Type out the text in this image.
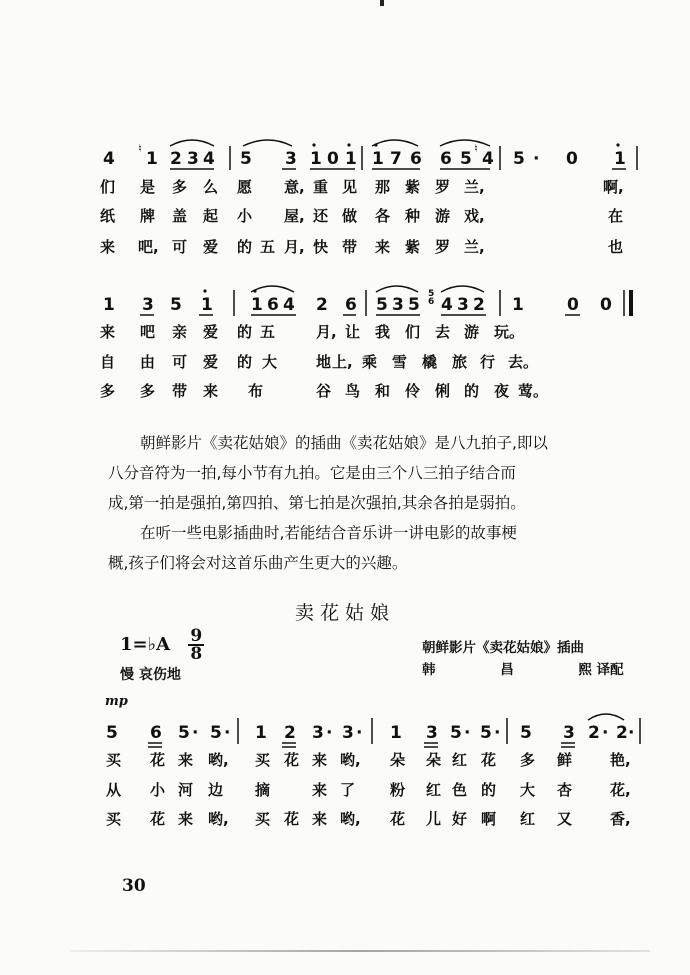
4
♮
1 2 3 4 5 3 1 0 1 1 7 6 6 5
♮
4 5 · 0 1
们 是 多 么 愿 意, 重 见 那 紫 罗 兰,	啊,
纸 牌 盖 起 小 屋, 还 做 各 种 游 戏,	在
来 吧, 可 爱 的 五 月, 快 带 来 紫 罗 兰,	也
1 3 5 1 1 6 4 2 6 5 3 5
5
6 4 3 2 1	0 0
来 吧 亲 爱 的 五	月, 让 我 们 去 游 玩。
自 由 可 爱 的 大	地 上, 乘 雪 橇 旅 行 去。
多 多 带 来 布	谷 鸟 和 伶 俐 的 夜 莺。

朝鲜影片《卖花姑娘》的插曲《卖花姑娘》是八九拍子,即以

八分音符为一拍,每小节有九拍。它是由三个八三拍子结合而

成,第一拍是强拍,第四拍、第七拍是次强拍,其余各拍是弱拍。

在听一些电影插曲时,若能结合音乐讲一讲电影的故事梗

概,孩子们将会对这首乐曲产生更大的兴趣。

卖花姑娘
1=♭A $\frac{9}{8}$
慢 哀伤地
朝鲜影片《卖花姑娘》插曲
韩	昌	熙 译配
mp
5 6 5 · 5 · 1 2 3 · 3 · 1 3 5 · 5 · 5 3 2 · 2 ·
买 花 来 哟, 买 花 来 哟, 朵 朵 红 花 多 鲜	艳,
从 小 河 边 摘	来 了 粉 红 色 的 大 杏	花,
买 花 来 哟, 买 花 来 哟, 花 儿 好 啊 红 又	香,
30
